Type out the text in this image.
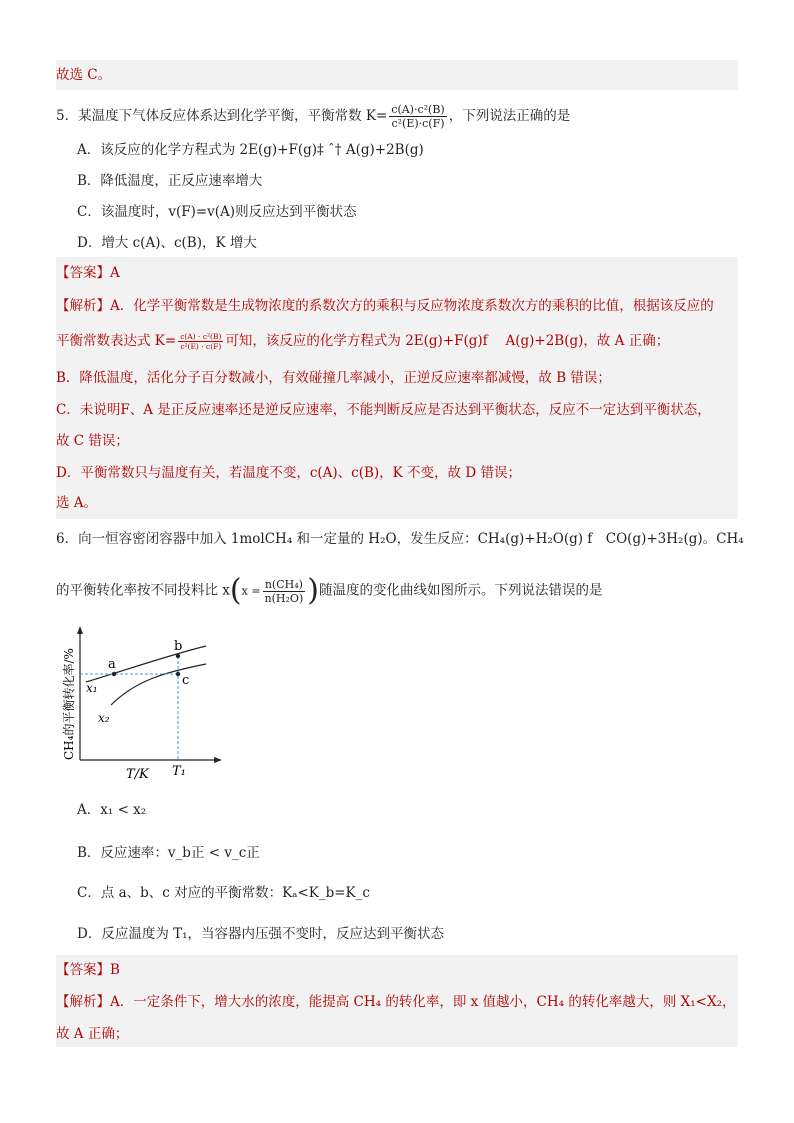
故选 C。
5．某温度下气体反应体系达到化学平衡，平衡常数 $K= \frac{\text{c(A)·c²(B)}}{\text{c²(E)·c(F)}}$ ，下列说法正确的是
A．该反应的化学方程式为 2E(g)+F(g)‡ ˆ† A(g)+2B(g)
B．降低温度，正反应速率增大
C．该温度时，v(F)=v(A)则反应达到平衡状态
D．增大 c(A)、c(B)，K 增大
【答案】A
【解析】A．化学平衡常数是生成物浓度的系数次方的乘积与反应物浓度系数次方的乘积的比值，根据该反应的
平衡常数表达式 $K= \frac{\text{c(A) · c²(B)}}{\text{c²(E) · c(F)}}$ 可知，该反应的化学方程式为 2E(g)+F(g)f　 A(g)+2B(g)，故 A 正确；
B．降低温度，活化分子百分数减小，有效碰撞几率减小，正逆反应速率都减慢，故 B 错误；
C．未说明F、A 是正反应速率还是逆反应速率，不能判断反应是否达到平衡状态，反应不一定达到平衡状态，
故 C 错误；
D．平衡常数只与温度有关，若温度不变，c(A)、c(B)，K 不变，故 D 错误；
选 A。
6．向一恒容密闭容器中加入 1molCH₄ 和一定量的 H₂O，发生反应：CH₄(g)+H₂O(g) f　CO(g)+3H₂(g)。CH₄
的平衡转化率按不同投料比 $x(x = \frac{\text{n(CH₄)}}{\text{n(H₂O)}}$ )随温度的变化曲线如图所示。下列说法错误的是
a
b
c
x₁
x₂
CH₄的平衡转化率/%
T/K T₁
A．x₁ < x₂
B．反应速率：v_b正 < v_c正
C．点 a、b、c 对应的平衡常数：Kₐ<K_b=K_c
D．反应温度为 T₁，当容器内压强不变时，反应达到平衡状态
【答案】B
【解析】A．一定条件下，增大水的浓度，能提高 CH₄ 的转化率，即 x 值越小，CH₄ 的转化率越大，则 X₁<X₂，
故 A 正确；
